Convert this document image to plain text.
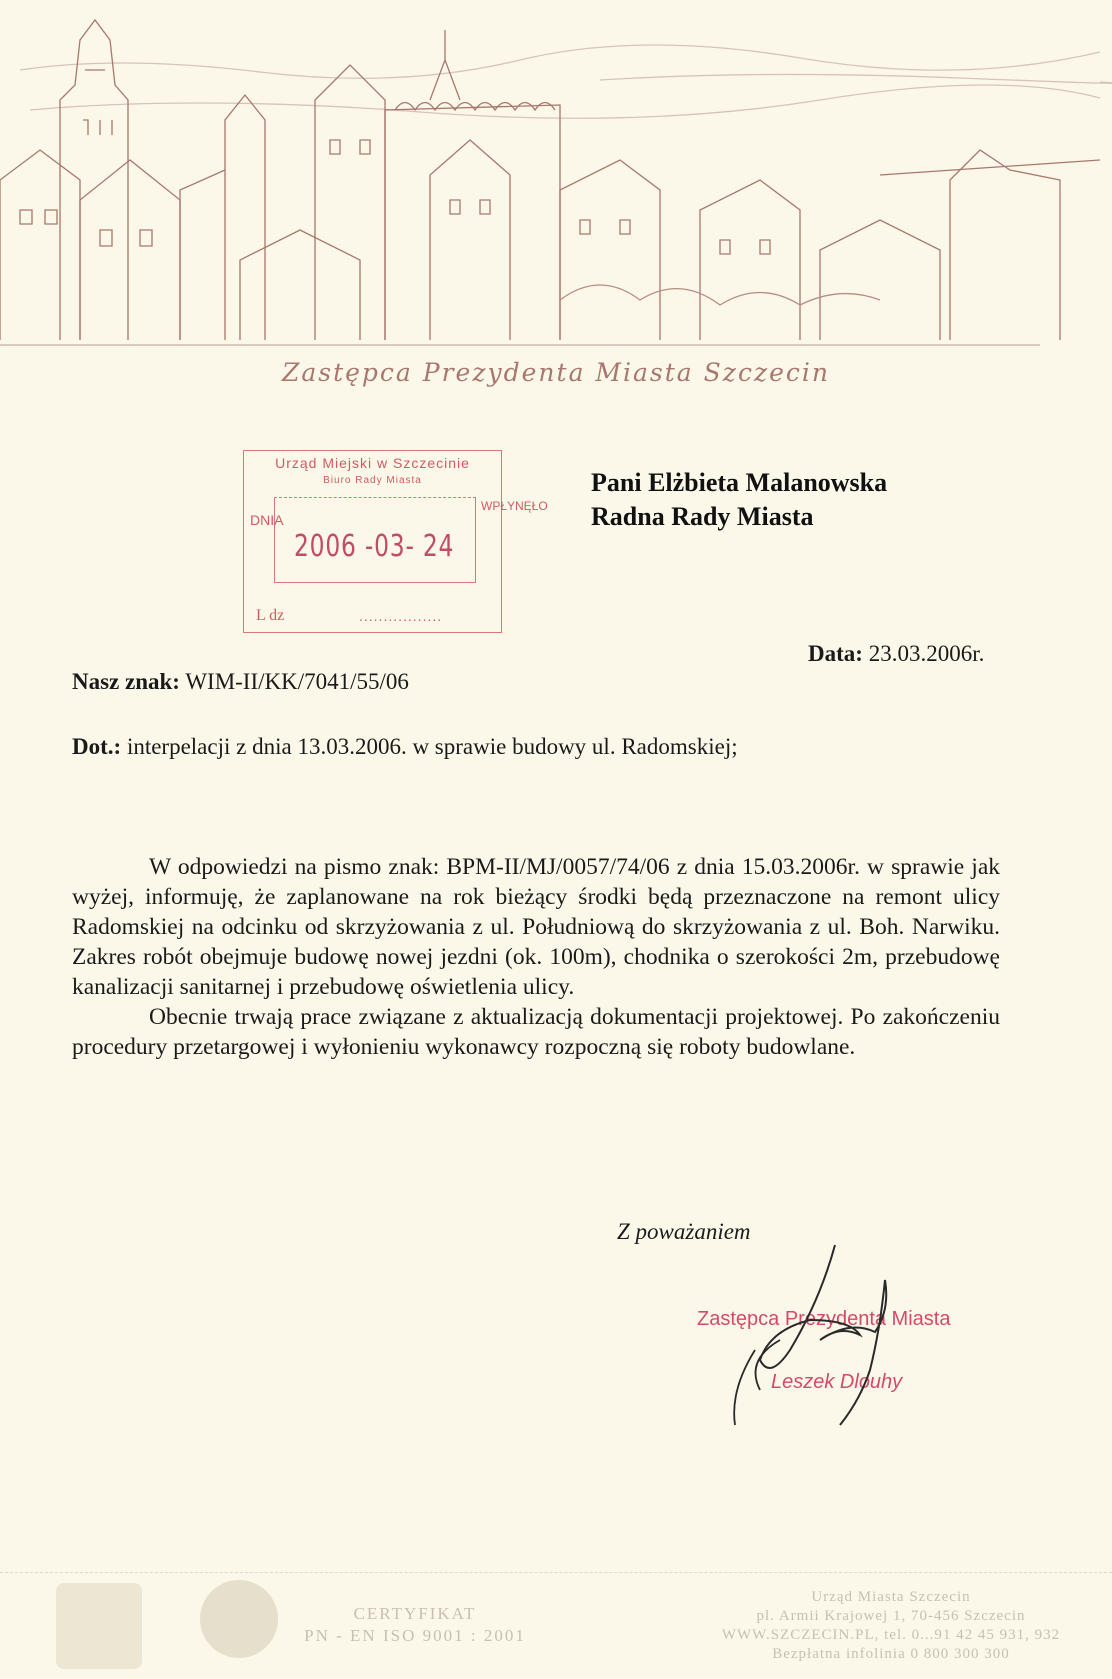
Zastępca Prezydenta Miasta Szczecin
Urząd Miejski w Szczecinie
Biuro Rady Miasta
DNIA
WPŁYNĘŁO
2006 -03- 24
L dz	.................
Pani Elżbieta Malanowska
Radna Rady Miasta
Data: 23.03.2006r.
Nasz znak: WIM-II/KK/7041/55/06
Dot.: interpelacji z dnia 13.03.2006. w sprawie budowy ul. Radomskiej;

W odpowiedzi na pismo znak: BPM-II/MJ/0057/74/06 z dnia 15.03.2006r. w sprawie jak wyżej, informuję, że zaplanowane na rok bieżący środki będą przeznaczone na remont ulicy Radomskiej na odcinku od skrzyżowania z ul. Południową do skrzyżowania z ul. Boh. Narwiku. Zakres robót obejmuje budowę nowej jezdni (ok. 100m), chodnika o szerokości 2m, przebudowę kanalizacji sanitarnej i przebudowę oświetlenia ulicy.

Obecnie trwają prace związane z aktualizacją dokumentacji projektowej. Po zakończeniu procedury przetargowej i wyłonieniu wykonawcy rozpoczną się roboty budowlane.

Z poważaniem
Zastępca Prezydenta Miasta
Leszek Dlouhy
CERTYFIKAT
PN - EN ISO 9001 : 2001
Urząd Miasta Szczecin
pl. Armii Krajowej 1, 70-456 Szczecin
WWW.SZCZECIN.PL, tel. 0...91 42 45 931, 932
Bezpłatna infolinia 0 800 300 300
